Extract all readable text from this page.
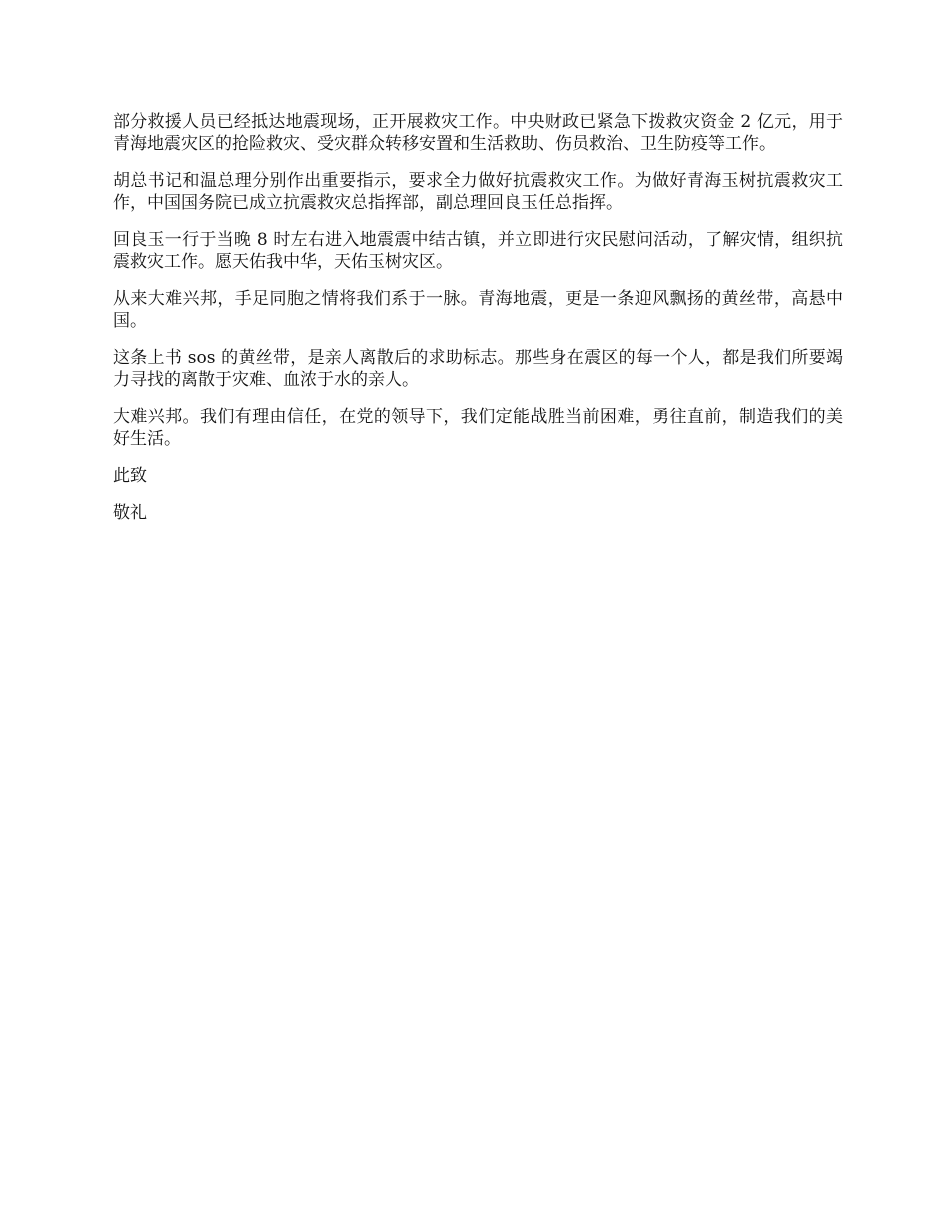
部分救援人员已经抵达地震现场，正开展救灾工作。中央财政已紧急下拨救灾资金 2 亿元，用于青海地震灾区的抢险救灾、受灾群众转移安置和生活救助、伤员救治、卫生防疫等工作。

胡总书记和温总理分别作出重要指示，要求全力做好抗震救灾工作。为做好青海玉树抗震救灾工作，中国国务院已成立抗震救灾总指挥部，副总理回良玉任总指挥。

回良玉一行于当晚 8 时左右进入地震震中结古镇，并立即进行灾民慰问活动，了解灾情，组织抗震救灾工作。愿天佑我中华，天佑玉树灾区。

从来大难兴邦，手足同胞之情将我们系于一脉。青海地震，更是一条迎风飘扬的黄丝带，高悬中国。

这条上书 sos 的黄丝带，是亲人离散后的求助标志。那些身在震区的每一个人，都是我们所要竭力寻找的离散于灾难、血浓于水的亲人。

大难兴邦。我们有理由信任，在党的领导下，我们定能战胜当前困难，勇往直前，制造我们的美好生活。

此致

敬礼
